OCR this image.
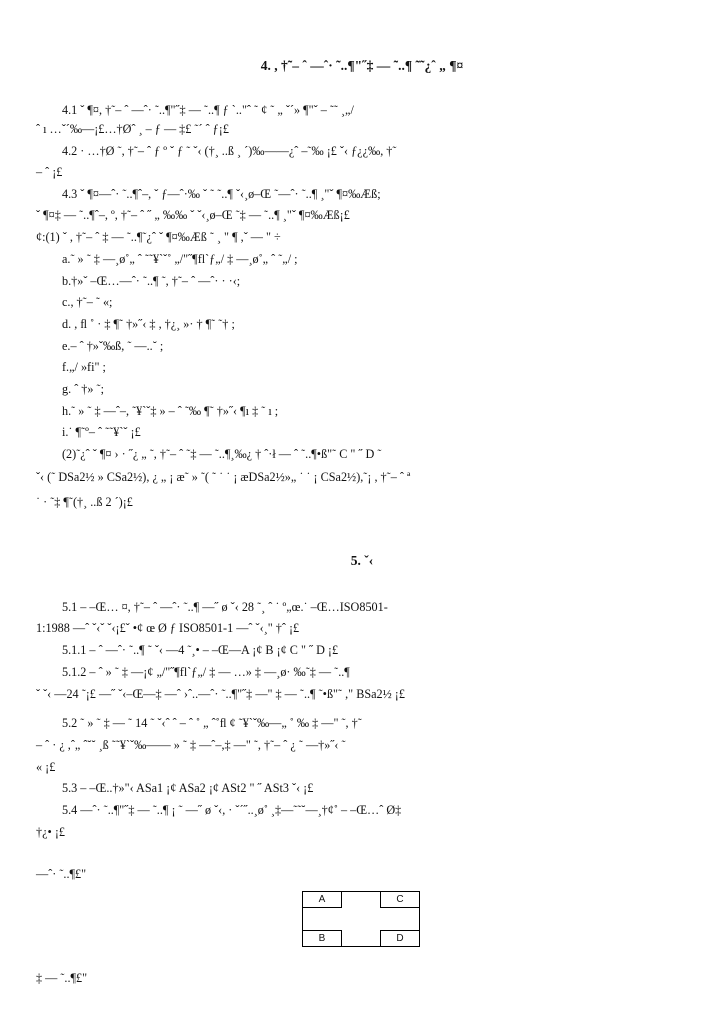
4. , †˜– ˆ —ˆ· ˜..¶"˝‡ — ˜..¶ ˜˜¿ˆ „ ¶¤
4.1 ˇ ¶¤, †˜– ˆ —ˆ· ˜..¶"˝‡ — ˜..¶ ƒ `.."ˆ ˜ ¢ ˜ „ ˇ´» ¶"ˇ – ˜˜ ¸„/
ˆ ı …ˇ´‰—¡£…†Øˆ ¸ – ƒ — ‡£ ˜´ ˆ ƒ¡£
4.2 · …†Ø ˜, †˜– ˆ ƒ º ˇ ƒ ˜ ˇ‹ (†¸ ..ß ¸ ´)‰——¿ˆ –˜‰ ¡£ ˇ‹ ƒ¿¿‰, †˜
– ˆ ¡£
4.3 ˇ ¶¤—ˆ· ˜..¶ˆ–, ˇ ƒ—ˆ·‰ ˇ ˜ ˜..¶ ˇ‹¸ø–Œ ˜—ˆ· ˜..¶ ¸"ˇ ¶¤‰Æß;
ˇ ¶¤‡ — ˜..¶ˆ–, º, †˜– ˆ ˝ „ ‰‰ ˇ ˇ‹¸ø–Œ ˜‡ — ˜..¶ ¸"ˇ ¶¤‰Æß¡£
¢:(1) ˇ , †˜– ˆ ‡ — ˜..¶˜¿ˆ ˇ ¶¤‰Æß ˜ ¸ " ¶ ,ˇ — " ÷
a.˜ » ˜ ‡ —¸ø˚„ ˆ ˜˜¥`ˇ˚ „/"˝¶fl`ƒ„/ ‡ —¸ø˚„ ˆ ˜„/ ;
b.†»ˇ –Œ…—ˆ· ˜..¶ ˜, †˜– ˆ —ˆ· · ·‹;
c., †˜– ˜ «;
d. , ﬂ ˚ · ‡ ¶˜ †»˝‹ ‡ , †¿¸ »· † ¶˜ ˜† ;
e.– ˆ †»ˇ‰ß, ˜ —..˘ ;
f.„/ »fi" ;
g. ˆ †» ˜;
h.˜ » ˜ ‡ —ˆ–, ˜¥`ˇ‡ » – ˆ ˜‰ ¶˜ †»˝‹ ¶ı ‡ ˜ ı ;
i.˙ ¶˜º– ˆ ˜˜¥`ˇ ¡£
(2)˜¿ˆ ˇ ¶¤ › · ˝¿ „ ˜, †˜– ˆ ˜‡ — ˜..¶¸‰¿ † ˆ·ł — ˆ ˜..¶•ß"˜ C " ˝ D ˜
ˇ‹ (˜ DSa2½ » CSa2½), ¿ „ ¡ æ˜ » ˜( ˜ ˙ ˙ ¡ æDSa2½»„ ˙ ˙ ¡ CSa2½),˜¡ , †˜– ˆ ª
˙ · ˜‡ ¶˜(†¸ ..ß 2 ´)¡£
5. ˇ‹
5.1 – –Œ… ¤, †˜– ˆ —ˆ· ˜..¶ —˝ ø ˇ‹ 28 ˜¸ ˆ ˙ º„œ.˙ –Œ…ISO8501-
1:1988 —ˆ ˇ‹ˇ ˇ‹¡£ˇ •¢ œ Ø ƒ ISO8501-1 —ˆ ˇ‹¸" †ˆ ¡£
5.1.1 – ˆ —ˆ· ˜..¶ ˜ ˇ‹ —4 ˜¸• – –Œ—A ¡¢ B ¡¢ C " ˝ D ¡£
5.1.2 – ˆ » ˜ ‡ —¡¢ „/"˝¶fl`ƒ„/ ‡ — …» ‡ —¸ø· ‰˜‡ — ˜..¶
ˇ ˇ‹ —24 ˜¡£ —˝ ˇ‹–Œ—‡ —ˆ ›ˆ..—ˆ· ˜..¶"˝‡ —" ‡ — ˜..¶ ˜•ß"˜ ," BSa2½ ¡£
5.2 ˜ » ˜ ‡ — ˜ 14 ˜ ˇ‹ˆ ˆ – ˆ ˚ „ ˆ˚ﬂ ¢ ˜¥`ˇ‰—„ ˚ ‰ ‡ —" ˜, †˜
– ˆ · ¿ ,ˆ„ ˆ˘˘ ¸ß ˜˜¥`ˇ‰—— » ˜ ‡ —ˆ–,‡ —" ˜, †˜– ˆ ¿ ˜ —†»˝‹ ˜
« ¡£
5.3 – –Œ..†»"‹ ASa1 ¡¢ ASa2 ¡¢ ASt2 " ˝ ASt3 ˇ‹ ¡£
5.4 —ˆ· ˜..¶"˝‡ — ˜..¶ ¡ ˜ —˝ ø ˇ‹, · ˇ´˝..¸ø˚ ¸‡—˜˜˘—¸†¢˚ – –Œ…ˆ Ø‡
†¿• ¡£
—ˆ· ˜..¶£"
A	C
B	D
‡ — ˜..¶£"
